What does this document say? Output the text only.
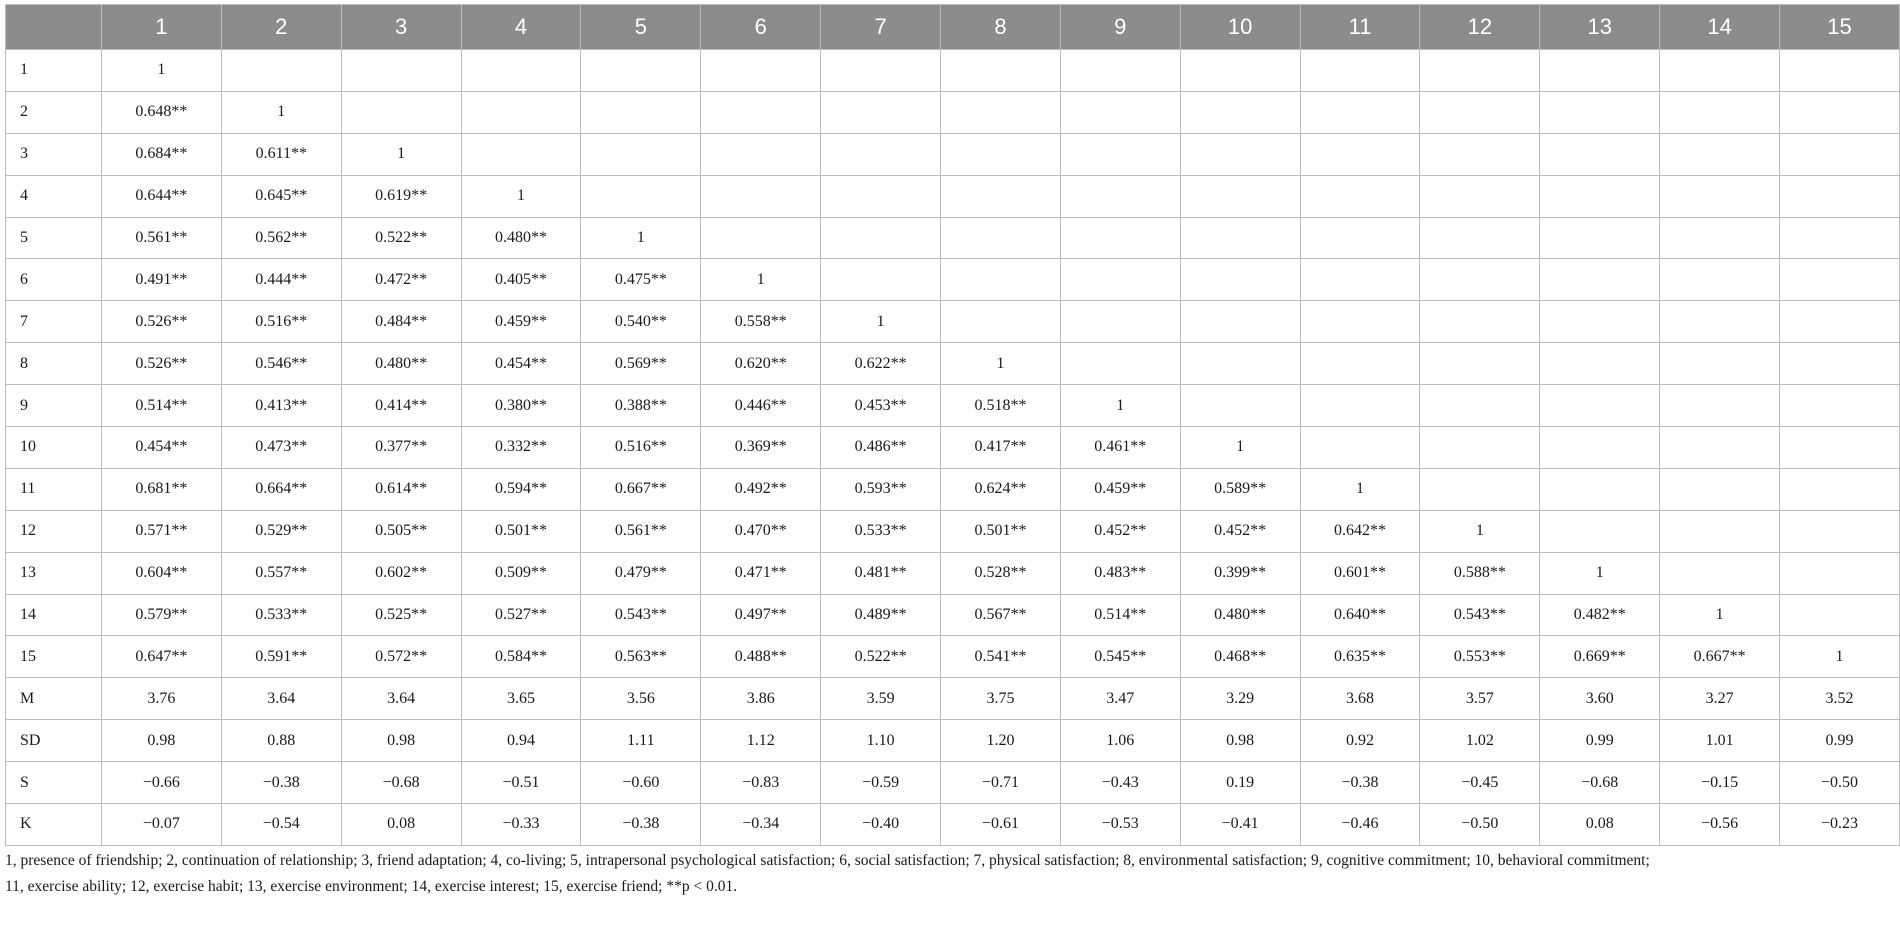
	1	2	3	4	5	6	7	8	9	10	11	12	13	14	15
1	1														
2	0.648**	1													
3	0.684**	0.611**	1												
4	0.644**	0.645**	0.619**	1											
5	0.561**	0.562**	0.522**	0.480**	1										
6	0.491**	0.444**	0.472**	0.405**	0.475**	1									
7	0.526**	0.516**	0.484**	0.459**	0.540**	0.558**	1								
8	0.526**	0.546**	0.480**	0.454**	0.569**	0.620**	0.622**	1							
9	0.514**	0.413**	0.414**	0.380**	0.388**	0.446**	0.453**	0.518**	1						
10	0.454**	0.473**	0.377**	0.332**	0.516**	0.369**	0.486**	0.417**	0.461**	1					
11	0.681**	0.664**	0.614**	0.594**	0.667**	0.492**	0.593**	0.624**	0.459**	0.589**	1				
12	0.571**	0.529**	0.505**	0.501**	0.561**	0.470**	0.533**	0.501**	0.452**	0.452**	0.642**	1			
13	0.604**	0.557**	0.602**	0.509**	0.479**	0.471**	0.481**	0.528**	0.483**	0.399**	0.601**	0.588**	1		
14	0.579**	0.533**	0.525**	0.527**	0.543**	0.497**	0.489**	0.567**	0.514**	0.480**	0.640**	0.543**	0.482**	1	
15	0.647**	0.591**	0.572**	0.584**	0.563**	0.488**	0.522**	0.541**	0.545**	0.468**	0.635**	0.553**	0.669**	0.667**	1
M	3.76	3.64	3.64	3.65	3.56	3.86	3.59	3.75	3.47	3.29	3.68	3.57	3.60	3.27	3.52
SD	0.98	0.88	0.98	0.94	1.11	1.12	1.10	1.20	1.06	0.98	0.92	1.02	0.99	1.01	0.99
S	−0.66	−0.38	−0.68	−0.51	−0.60	−0.83	−0.59	−0.71	−0.43	0.19	−0.38	−0.45	−0.68	−0.15	−0.50
K	−0.07	−0.54	0.08	−0.33	−0.38	−0.34	−0.40	−0.61	−0.53	−0.41	−0.46	−0.50	0.08	−0.56	−0.23
1, presence of friendship; 2, continuation of relationship; 3, friend adaptation; 4, co-living; 5, intrapersonal psychological satisfaction; 6, social satisfaction; 7, physical satisfaction; 8, environmental satisfaction; 9, cognitive commitment; 10, behavioral commitment;
11, exercise ability; 12, exercise habit; 13, exercise environment; 14, exercise interest; 15, exercise friend; **p < 0.01.
